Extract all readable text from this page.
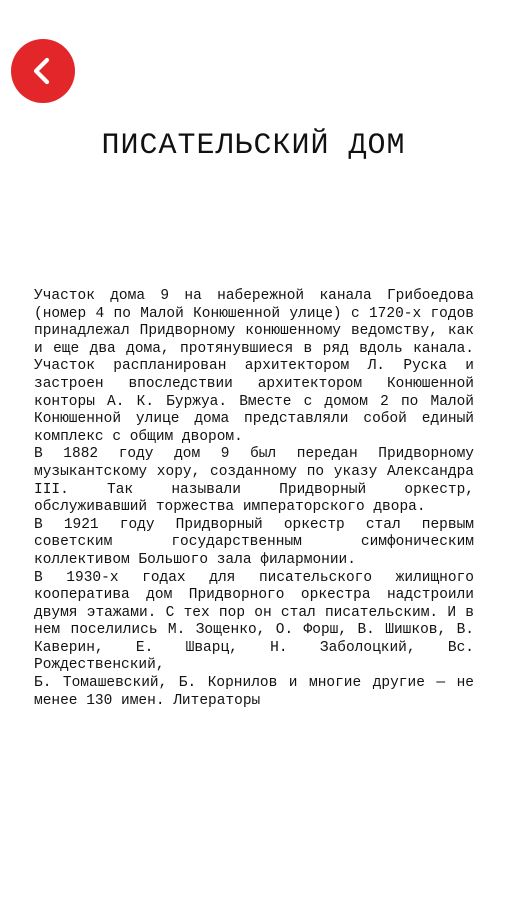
ПИСАТЕЛЬСКИЙ ДОМ

Участок дома 9 на набережной канала Грибоедова (номер 4 по Малой Конюшенной улице) с 1720-х годов принадлежал Придворному конюшенному ведомству, как и еще два дома, протянувшиеся в ряд вдоль канала. Участок распланирован архитектором Л. Руска и застроен впоследствии архитектором Конюшенной конторы А. К. Буржуа. Вместе с домом 2 по Малой Конюшенной улице дома представляли собой единый комплекс с общим двором.

В 1882 году дом 9 был передан Придворному музыкантскому хору, созданному по указу Александра III. Так называли Придворный оркестр, обслуживавший торжества императорского двора.

В 1921 году Придворный оркестр стал первым советским государственным симфоническим коллективом Большого зала филармонии.

В 1930-х годах для писательского жилищного кооператива дом Придворного оркестра надстроили двумя этажами. С тех пор он стал писательским. И в нем поселились М. Зощенко, О. Форш, В. Шишков, В. Каверин, Е. Шварц, Н. Заболоцкий, Вс. Рождественский,

Б. Томашевский, Б. Корнилов и многие другие — не менее 130 имен. Литераторы
